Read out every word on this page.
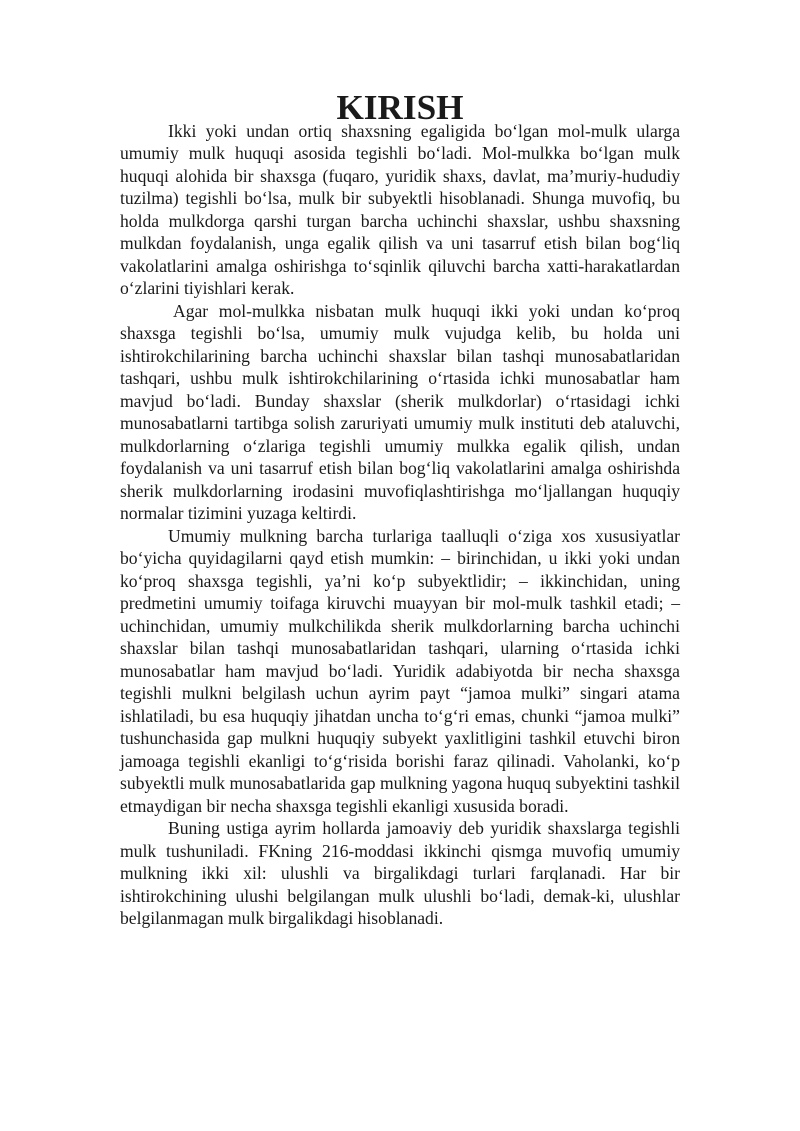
KIRISH

Ikki yoki undan ortiq shaxsning egaligida bo‘lgan mol-mulk ularga umumiy mulk huquqi asosida tegishli bo‘ladi. Mol-mulkka bo‘lgan mulk huquqi alohida bir shaxsga (fuqaro, yuridik shaxs, davlat, ma’muriy-hududiy tuzilma) tegishli bo‘lsa, mulk bir subyektli hisoblanadi. Shunga muvofiq, bu holda mulkdorga qarshi turgan barcha uchinchi shaxslar, ushbu shaxsning mulkdan foydalanish, unga egalik qilish va uni tasarruf etish bilan bog‘liq vakolatlarini amalga oshirishga to‘sqinlik qiluvchi barcha xatti-harakatlardan o‘zlarini tiyishlari kerak.

Agar mol-mulkka nisbatan mulk huquqi ikki yoki undan ko‘proq shaxsga tegishli bo‘lsa, umumiy mulk vujudga kelib, bu holda uni ishtirokchilarining barcha uchinchi shaxslar bilan tashqi munosabatlaridan tashqari, ushbu mulk ishtirokchilarining o‘rtasida ichki munosabatlar ham mavjud bo‘ladi. Bunday shaxslar (sherik mulkdorlar) o‘rtasidagi ichki munosabatlarni tartibga solish zaruriyati umumiy mulk instituti deb ataluvchi, mulkdorlarning o‘zlariga tegishli umumiy mulkka egalik qilish, undan foydalanish va uni tasarruf etish bilan bog‘liq vakolatlarini amalga oshirishda sherik mulkdorlarning irodasini muvofiqlashtirishga mo‘ljallangan huquqiy normalar tizimini yuzaga keltirdi.

Umumiy mulkning barcha turlariga taalluqli o‘ziga xos xususiyatlar bo‘yicha quyidagilarni qayd etish mumkin: – birinchidan, u ikki yoki undan ko‘proq shaxsga tegishli, ya’ni ko‘p subyektlidir; – ikkinchidan, uning predmetini umumiy toifaga kiruvchi muayyan bir mol-mulk tashkil etadi; – uchinchidan, umumiy mulkchilikda sherik mulkdorlarning barcha uchinchi shaxslar bilan tashqi munosabatlaridan tashqari, ularning o‘rtasida ichki munosabatlar ham mavjud bo‘ladi. Yuridik adabiyotda bir necha shaxsga tegishli mulkni belgilash uchun ayrim payt “jamoa mulki” singari atama ishlatiladi, bu esa huquqiy jihatdan uncha to‘g‘ri emas, chunki “jamoa mulki” tushunchasida gap mulkni huquqiy subyekt yaxlitligini tashkil etuvchi biron jamoaga tegishli ekanligi to‘g‘risida borishi faraz qilinadi. Vaholanki, ko‘p subyektli mulk munosabatlarida gap mulkning yagona huquq subyektini tashkil etmaydigan bir necha shaxsga tegishli ekanligi xususida boradi.

Buning ustiga ayrim hollarda jamoaviy deb yuridik shaxslarga tegishli mulk tushuniladi. FKning 216-moddasi ikkinchi qismga muvofiq umumiy mulkning ikki xil: ulushli va birgalikdagi turlari farqlanadi. Har bir ishtirokchining ulushi belgilangan mulk ulushli bo‘ladi, demak-ki, ulushlar belgilanmagan mulk birgalikdagi hisoblanadi.
